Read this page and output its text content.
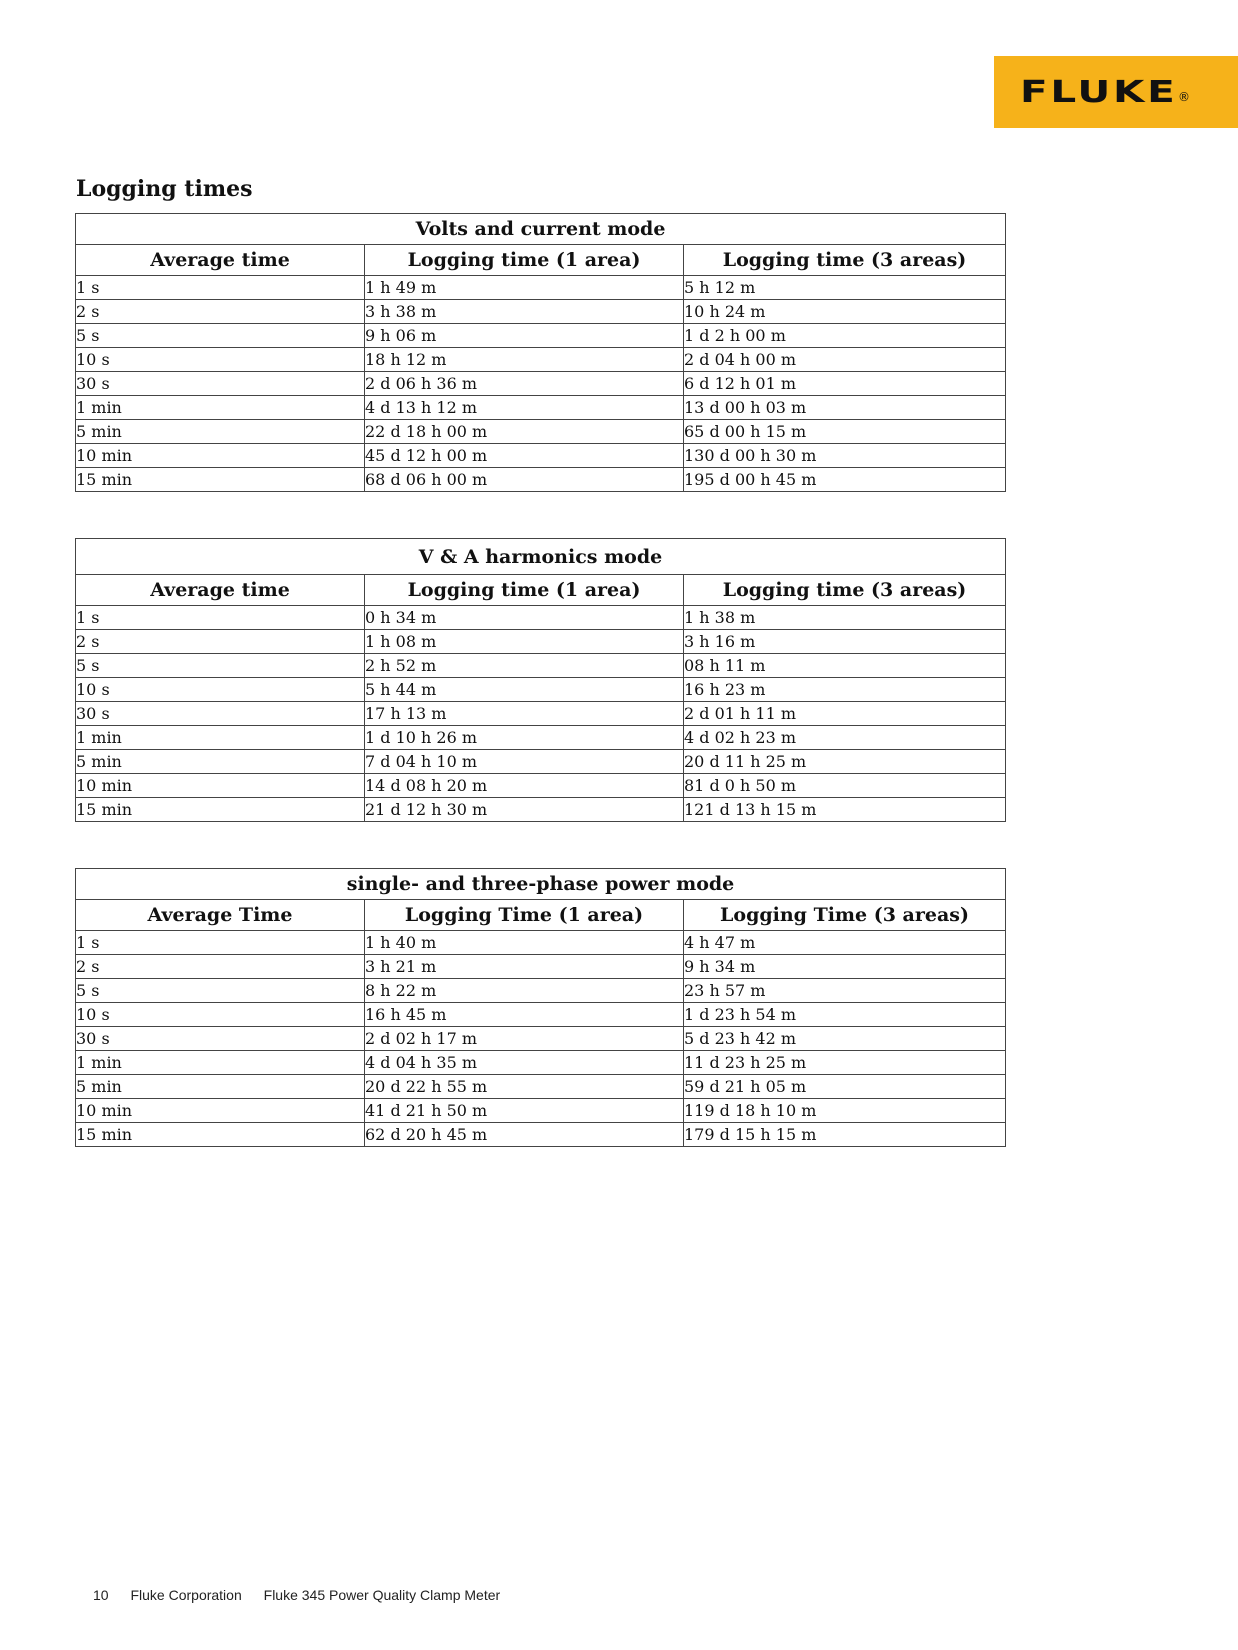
FLUKE ®
Logging times
Volts and current mode		
Average time	Logging time (1 area)	Logging time (3 areas)
1 s	1 h 49 m	5 h 12 m
2 s	3 h 38 m	10 h 24 m
5 s	9 h 06 m	1 d 2 h 00 m
10 s	18 h 12 m	2 d 04 h 00 m
30 s	2 d 06 h 36 m	6 d 12 h 01 m
1 min	4 d 13 h 12 m	13 d 00 h 03 m
5 min	22 d 18 h 00 m	65 d 00 h 15 m
10 min	45 d 12 h 00 m	130 d 00 h 30 m
15 min	68 d 06 h 00 m	195 d 00 h 45 m
V & A harmonics mode		
Average time	Logging time (1 area)	Logging time (3 areas)
1 s	0 h 34 m	1 h 38 m
2 s	1 h 08 m	3 h 16 m
5 s	2 h 52 m	08 h 11 m
10 s	5 h 44 m	16 h 23 m
30 s	17 h 13 m	2 d 01 h 11 m
1 min	1 d 10 h 26 m	4 d 02 h 23 m
5 min	7 d 04 h 10 m	20 d 11 h 25 m
10 min	14 d 08 h 20 m	81 d 0 h 50 m
15 min	21 d 12 h 30 m	121 d 13 h 15 m
single- and three-phase power mode		
Average Time	Logging Time (1 area)	Logging Time (3 areas)
1 s	1 h 40 m	4 h 47 m
2 s	3 h 21 m	9 h 34 m
5 s	8 h 22 m	23 h 57 m
10 s	16 h 45 m	1 d 23 h 54 m
30 s	2 d 02 h 17 m	5 d 23 h 42 m
1 min	4 d 04 h 35 m	11 d 23 h 25 m
5 min	20 d 22 h 55 m	59 d 21 h 05 m
10 min	41 d 21 h 50 m	119 d 18 h 10 m
15 min	62 d 20 h 45 m	179 d 15 h 15 m
10 Fluke Corporation Fluke 345 Power Quality Clamp Meter
